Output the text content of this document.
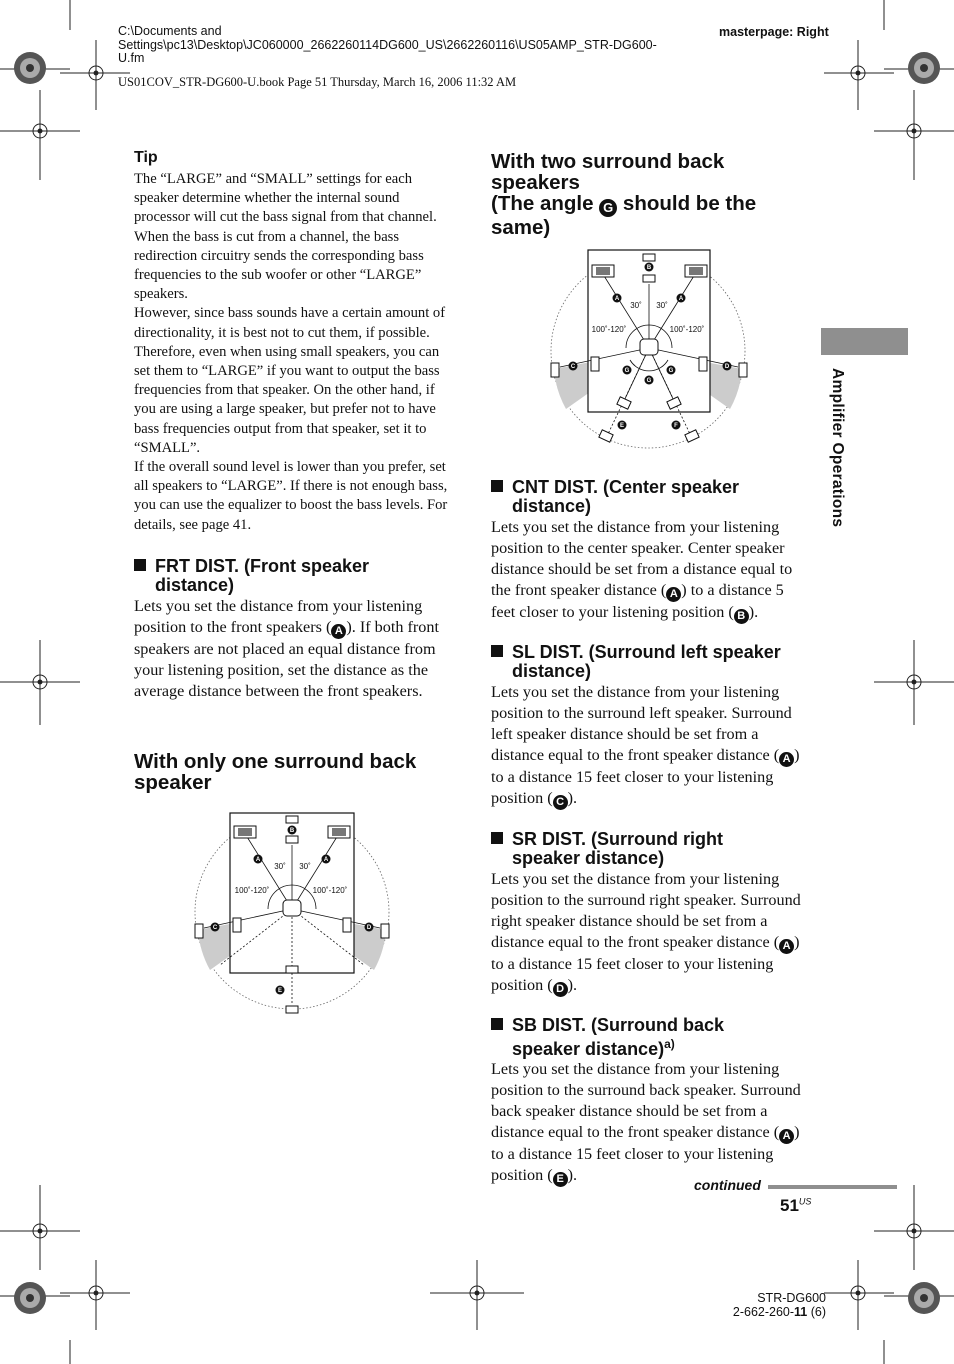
C:\Documents and
Settings\pc13\Desktop\JC060000_2662260114DG600_US\2662260116\US05AMP_STR-DG600-
U.fm
US01COV_STR-DG600-U.book Page 51 Thursday, March 16, 2006 11:32 AM
masterpage: Right
Tip

The “LARGE” and “SMALL” settings for each speaker determine whether the internal sound processor will cut the bass signal from that channel. When the bass is cut from a channel, the bass redirection circuitry sends the corresponding bass frequencies to the sub woofer or other “LARGE” speakers.

However, since bass sounds have a certain amount of directionality, it is best not to cut them, if possible. Therefore, even when using small speakers, you can set them to “LARGE” if you want to output the bass frequencies from that speaker. On the other hand, if you are using a large speaker, but prefer not to have bass frequencies output from that speaker, set it to “SMALL”.

If the overall sound level is lower than you prefer, set all speakers to “LARGE”. If there is not enough bass, you can use the equalizer to boost the bass levels. For details, see page 41.

FRT DIST. (Front speaker
distance)

Lets you set the distance from your listening position to the front speakers ( A ). If both front speakers are not placed an equal distance from your listening position, set the distance as the average distance between the front speakers.

With only one surround back
speaker
B
A	A
C	D
E
30˚ 30˚
100˚-120˚	100˚-120˚
With two surround back
speakers
(The angle G should be the
same)
B
A	A
C	D
G
G
G
E	F
30˚ 30˚
100˚-120˚	100˚-120˚
CNT DIST. (Center speaker
distance)

Lets you set the distance from your listening position to the center speaker. Center speaker distance should be set from a distance equal to the front speaker distance ( A ) to a distance 5 feet closer to your listening position ( B ).

SL DIST. (Surround left speaker
distance)

Lets you set the distance from your listening position to the surround left speaker. Surround left speaker distance should be set from a distance equal to the front speaker distance ( A ) to a distance 15 feet closer to your listening position ( C ).

SR DIST. (Surround right
speaker distance)

Lets you set the distance from your listening position to the surround right speaker. Surround right speaker distance should be set from a distance equal to the front speaker distance ( A ) to a distance 15 feet closer to your listening position ( D ).

SB DIST. (Surround back
speaker distance)$^{a)}$

Lets you set the distance from your listening position to the surround back speaker. Surround back speaker distance should be set from a distance equal to the front speaker distance ( A ) to a distance 15 feet closer to your listening position ( E ).

Amplifier Operations
continued
$51^{US}$
STR-DG600
2-662-260-11 (6)
